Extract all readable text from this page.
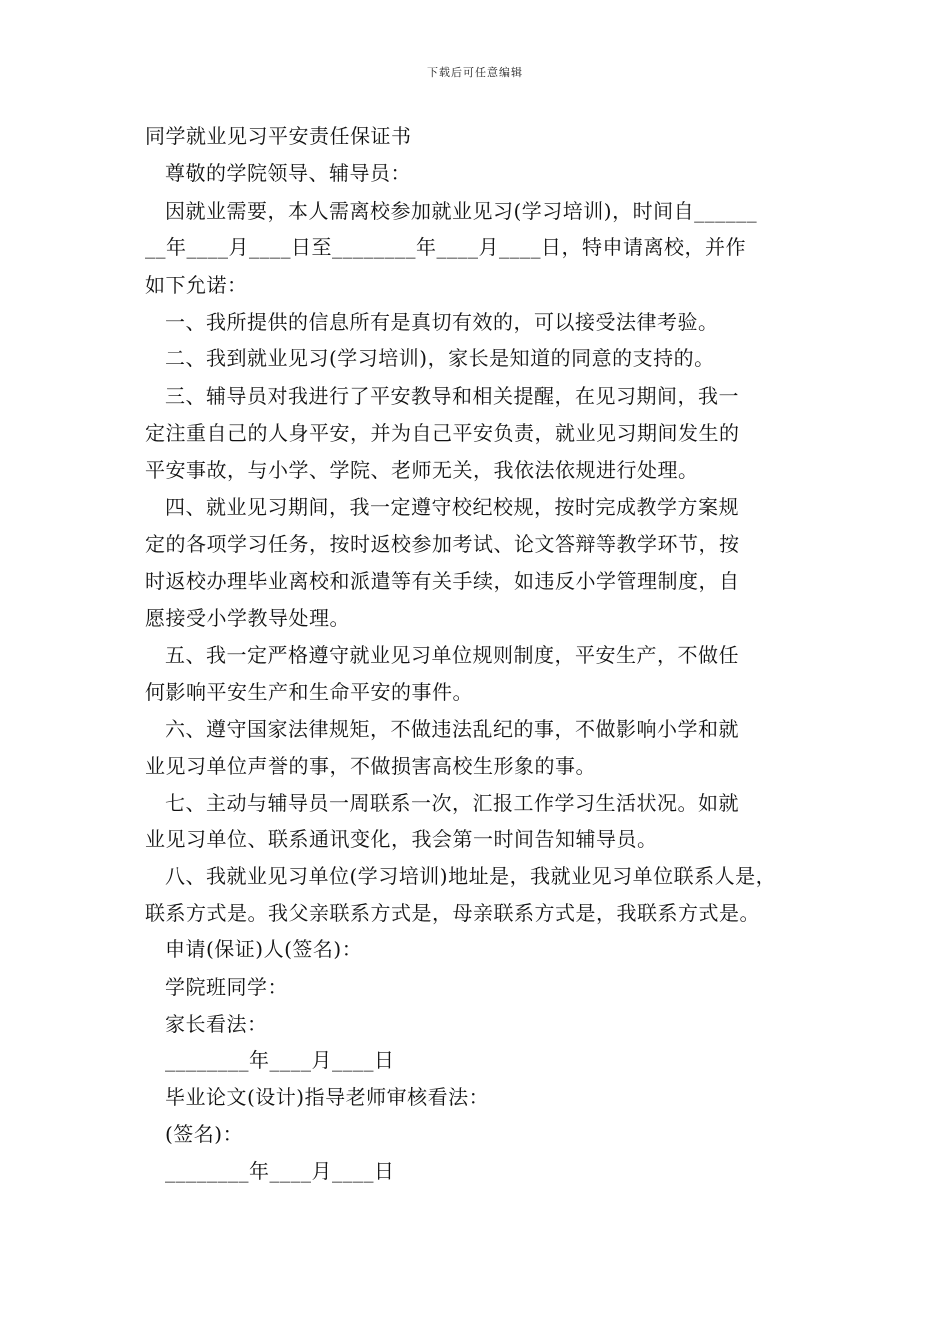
下载后可任意编辑
同学就业见习平安责任保证书
尊敬的学院领导、辅导员：
因就业需要，本人需离校参加就业见习(学习培训)，时间自______
__年____月____日至________年____月____日，特申请离校，并作
如下允诺：
一、我所提供的信息所有是真切有效的，可以接受法律考验。
二、我到就业见习(学习培训)，家长是知道的同意的支持的。
三、辅导员对我进行了平安教导和相关提醒，在见习期间，我一
定注重自己的人身平安，并为自己平安负责，就业见习期间发生的
平安事故，与小学、学院、老师无关，我依法依规进行处理。
四、就业见习期间，我一定遵守校纪校规，按时完成教学方案规
定的各项学习任务，按时返校参加考试、论文答辩等教学环节，按
时返校办理毕业离校和派遣等有关手续，如违反小学管理制度，自
愿接受小学教导处理。
五、我一定严格遵守就业见习单位规则制度，平安生产，不做任
何影响平安生产和生命平安的事件。
六、遵守国家法律规矩，不做违法乱纪的事，不做影响小学和就
业见习单位声誉的事，不做损害高校生形象的事。
七、主动与辅导员一周联系一次，汇报工作学习生活状况。如就
业见习单位、联系通讯变化，我会第一时间告知辅导员。
八、我就业见习单位(学习培训)地址是，我就业见习单位联系人是，
联系方式是。我父亲联系方式是，母亲联系方式是，我联系方式是。
申请(保证)人(签名)：
学院班同学：
家长看法：
________年____月____日
毕业论文(设计)指导老师审核看法：
(签名)：
________年____月____日
